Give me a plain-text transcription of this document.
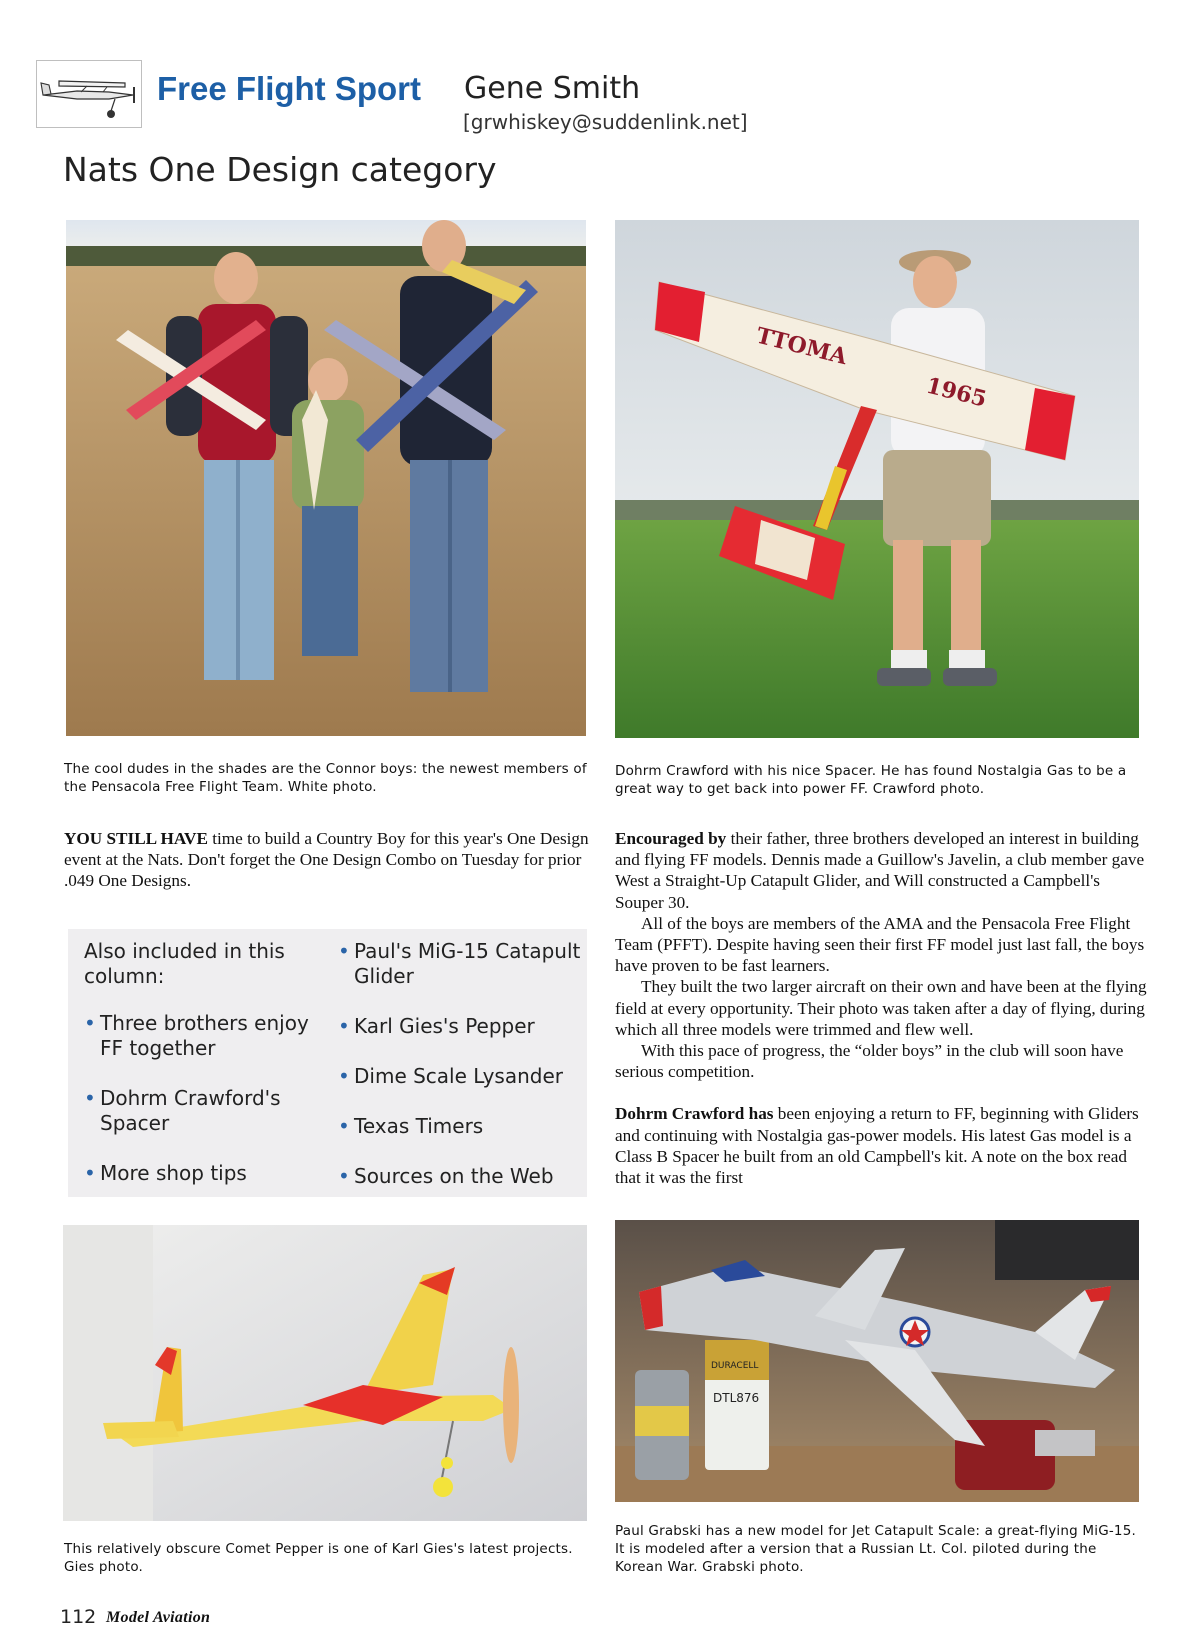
Free Flight Sport Gene Smith
[grwhiskey@suddenlink.net]
Nats One Design category
TTOMA
1965
The cool dudes in the shades are the Connor boys: the newest members of the Pensacola Free Flight Team. White photo.
Dohrm Crawford with his nice Spacer. He has found Nostalgia Gas to be a great way to get back into power FF. Crawford photo.
YOU STILL HAVE time to build a Country Boy for this year's One Design event at the Nats. Don't forget the One Design Combo on Tuesday for prior .049 One Designs.

Also included in this column:

• Three brothers enjoy FF together
• Dohrm Crawford's Spacer
• More shop tips
• Paul's MiG-15 Catapult Glider
• Karl Gies's Pepper
• Dime Scale Lysander
• Texas Timers
• Sources on the Web

Encouraged by their father, three brothers developed an interest in building and flying FF models. Dennis made a Guillow's Javelin, a club member gave West a Straight-Up Catapult Glider, and Will constructed a Campbell's Souper 30.

All of the boys are members of the AMA and the Pensacola Free Flight Team (PFFT). Despite having seen their first FF model just last fall, the boys have proven to be fast learners.

They built the two larger aircraft on their own and have been at the flying field at every opportunity. Their photo was taken after a day of flying, during which all three models were trimmed and flew well.

With this pace of progress, the “older boys” in the club will soon have serious competition.

Dohrm Crawford has been enjoying a return to FF, beginning with Gliders and continuing with Nostalgia gas-power models. His latest Gas model is a Class B Spacer he built from an old Campbell's kit. A note on the box read that it was the first

DURACELL
DTL876
This relatively obscure Comet Pepper is one of Karl Gies's latest projects. Gies photo.
Paul Grabski has a new model for Jet Catapult Scale: a great-flying MiG-15. It is modeled after a version that a Russian Lt. Col. piloted during the Korean War. Grabski photo.
112 Model Aviation
